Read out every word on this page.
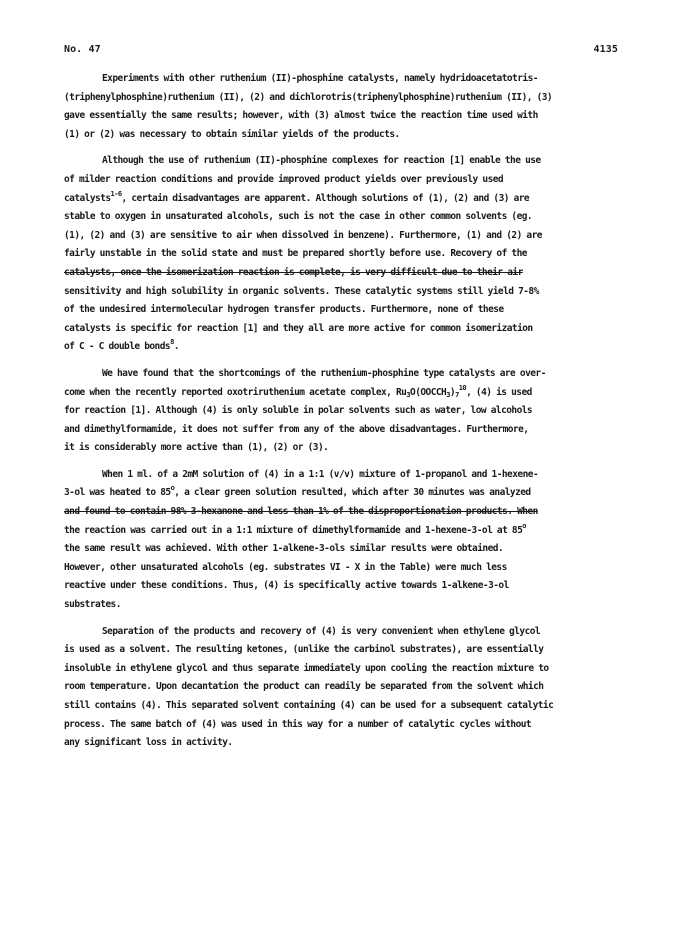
No. 47	4135

Experiments with other ruthenium (II)-phosphine catalysts, namely hydridoacetatotris-
(triphenylphosphine)ruthenium (II), (2) and dichlorotris(triphenylphosphine)ruthenium (II), (3)
gave essentially the same results; however, with (3) almost twice the reaction time used with
(1) or (2) was necessary to obtain similar yields of the products.

Although the use of ruthenium (II)-phosphine complexes for reaction [1] enable the use
of milder reaction conditions and provide improved product yields over previously used
catalysts$^{1-6}$, certain disadvantages are apparent. Although solutions of (1), (2) and (3) are
stable to oxygen in unsaturated alcohols, such is not the case in other common solvents (eg.
(1), (2) and (3) are sensitive to air when dissolved in benzene). Furthermore, (1) and (2) are
fairly unstable in the solid state and must be prepared shortly before use. Recovery of the
catalysts, once the isomerization reaction is complete, is very difficult due to their air
sensitivity and high solubility in organic solvents. These catalytic systems still yield 7-8%
of the undesired intermolecular hydrogen transfer products. Furthermore, none of these
catalysts is specific for reaction [1] and they all are more active for common isomerization
of C - C double bonds$^8$.

We have found that the shortcomings of the ruthenium-phosphine type catalysts are over-
come when the recently reported oxotriruthenium acetate complex, $Ru_3O(OOCCH_3)_7^{10}$, (4) is used
for reaction [1]. Although (4) is only soluble in polar solvents such as water, low alcohols
and dimethylformamide, it does not suffer from any of the above disadvantages. Furthermore,
it is considerably more active than (1), (2) or (3).

When 1 ml. of a 2mM solution of (4) in a 1:1 (v/v) mixture of 1-propanol and 1-hexene-
3-ol was heated to 85$^o$, a clear green solution resulted, which after 30 minutes was analyzed
and found to contain 98% 3-hexanone and less than 1% of the disproportionation products. When
the reaction was carried out in a 1:1 mixture of dimethylformamide and 1-hexene-3-ol at 85$^o$
the same result was achieved. With other 1-alkene-3-ols similar results were obtained.
However, other unsaturated alcohols (eg. substrates VI - X in the Table) were much less
reactive under these conditions. Thus, (4) is specifically active towards 1-alkene-3-ol
substrates.

Separation of the products and recovery of (4) is very convenient when ethylene glycol
is used as a solvent. The resulting ketones, (unlike the carbinol substrates), are essentially
insoluble in ethylene glycol and thus separate immediately upon cooling the reaction mixture to
room temperature. Upon decantation the product can readily be separated from the solvent which
still contains (4). This separated solvent containing (4) can be used for a subsequent catalytic
process. The same batch of (4) was used in this way for a number of catalytic cycles without
any significant loss in activity.
